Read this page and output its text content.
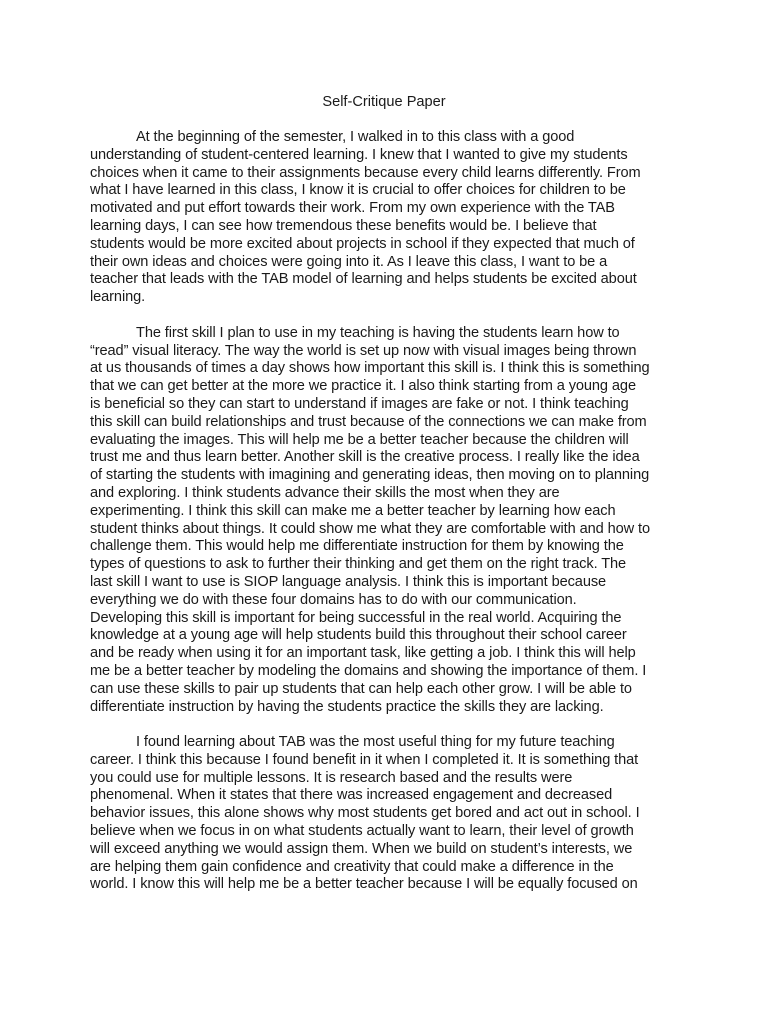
Self-Critique Paper

At the beginning of the semester, I walked in to this class with a good
understanding of student-centered learning. I knew that I wanted to give my students
choices when it came to their assignments because every child learns differently. From
what I have learned in this class, I know it is crucial to offer choices for children to be
motivated and put effort towards their work. From my own experience with the TAB
learning days, I can see how tremendous these benefits would be. I believe that
students would be more excited about projects in school if they expected that much of
their own ideas and choices were going into it. As I leave this class, I want to be a
teacher that leads with the TAB model of learning and helps students be excited about
learning.

The first skill I plan to use in my teaching is having the students learn how to
“read” visual literacy. The way the world is set up now with visual images being thrown
at us thousands of times a day shows how important this skill is. I think this is something
that we can get better at the more we practice it. I also think starting from a young age
is beneficial so they can start to understand if images are fake or not. I think teaching
this skill can build relationships and trust because of the connections we can make from
evaluating the images. This will help me be a better teacher because the children will
trust me and thus learn better. Another skill is the creative process. I really like the idea
of starting the students with imagining and generating ideas, then moving on to planning
and exploring. I think students advance their skills the most when they are
experimenting. I think this skill can make me a better teacher by learning how each
student thinks about things. It could show me what they are comfortable with and how to
challenge them. This would help me differentiate instruction for them by knowing the
types of questions to ask to further their thinking and get them on the right track. The
last skill I want to use is SIOP language analysis. I think this is important because
everything we do with these four domains has to do with our communication.
Developing this skill is important for being successful in the real world. Acquiring the
knowledge at a young age will help students build this throughout their school career
and be ready when using it for an important task, like getting a job. I think this will help
me be a better teacher by modeling the domains and showing the importance of them. I
can use these skills to pair up students that can help each other grow. I will be able to
differentiate instruction by having the students practice the skills they are lacking.

I found learning about TAB was the most useful thing for my future teaching
career. I think this because I found benefit in it when I completed it. It is something that
you could use for multiple lessons. It is research based and the results were
phenomenal. When it states that there was increased engagement and decreased
behavior issues, this alone shows why most students get bored and act out in school. I
believe when we focus in on what students actually want to learn, their level of growth
will exceed anything we would assign them. When we build on student’s interests, we
are helping them gain confidence and creativity that could make a difference in the
world. I know this will help me be a better teacher because I will be equally focused on
